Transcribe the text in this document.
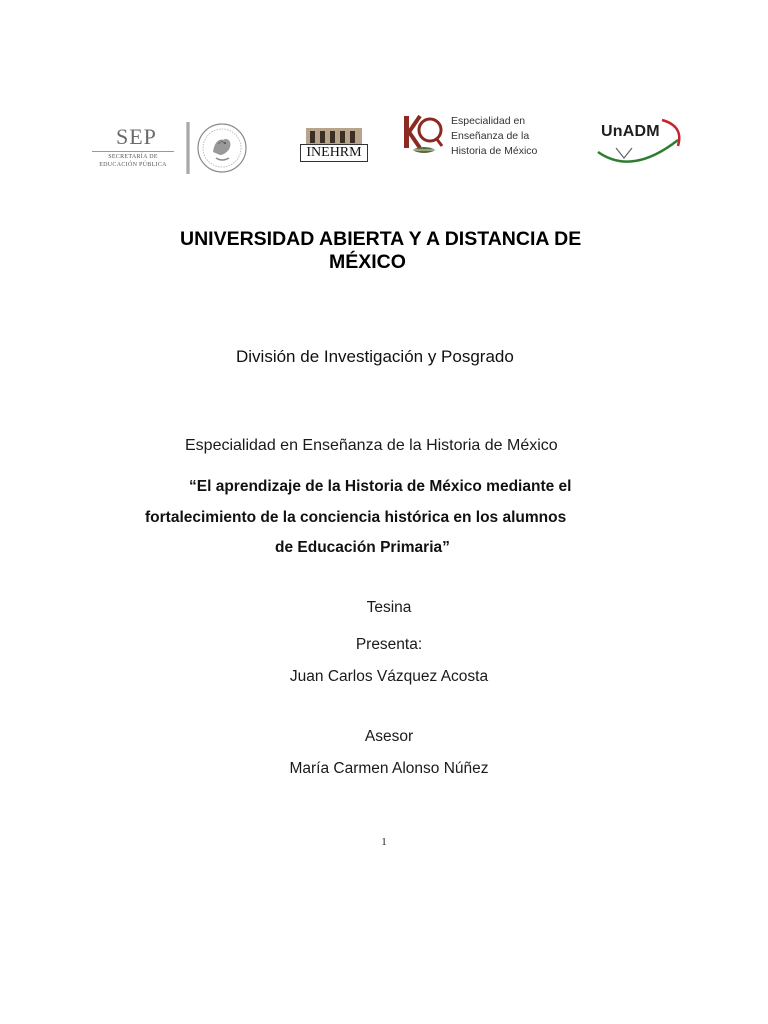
SEP
SECRETARÍA DE
EDUCACIÓN PÚBLICA
INEHRM
Especialidad en
Enseñanza de la
Historia de México
UnADM
UNIVERSIDAD ABIERTA Y A DISTANCIA DE
MÉXICO
División de Investigación y Posgrado
Especialidad en Enseñanza de la Historia de México
“El aprendizaje de la Historia de México mediante el
fortalecimiento de la conciencia histórica en los alumnos
de Educación Primaria”
Tesina
Presenta:
Juan Carlos Vázquez Acosta
Asesor
María Carmen Alonso Núñez
1
